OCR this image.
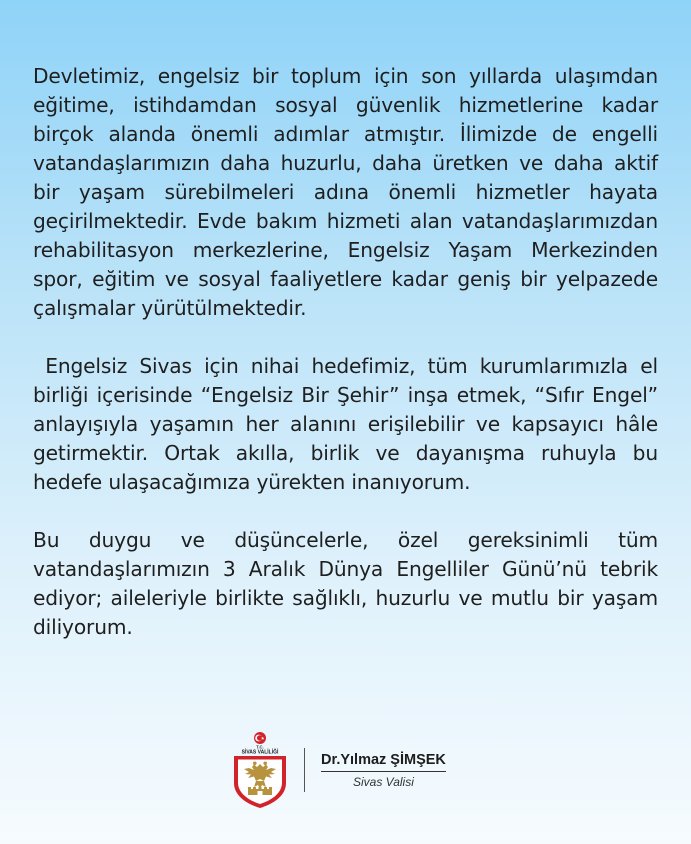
Devletimiz, engelsiz bir toplum için son yıllarda ulaşımdan eğitime, istihdamdan sosyal güvenlik hizmetlerine kadar birçok alanda önemli adımlar atmıştır. İlimizde de engelli vatandaşlarımızın daha huzurlu, daha üretken ve daha aktif bir yaşam sürebilmeleri adına önemli hizmetler hayata geçirilmektedir. Evde bakım hizmeti alan vatandaşlarımızdan rehabilitasyon merkezlerine, Engelsiz Yaşam Merkezinden spor, eğitim ve sosyal faaliyetlere kadar geniş bir yelpazede çalışmalar yürütülmektedir.

Engelsiz Sivas için nihai hedefimiz, tüm kurumlarımızla el birliği içerisinde “Engelsiz Bir Şehir” inşa etmek, “Sıfır Engel” anlayışıyla yaşamın her alanını erişilebilir ve kapsayıcı hâle getirmektir. Ortak akılla, birlik ve dayanışma ruhuyla bu hedefe ulaşacağımıza yürekten inanıyorum.

Bu duygu ve düşüncelerle, özel gereksinimli tüm vatandaşlarımızın 3 Aralık Dünya Engelliler Günü’nü tebrik ediyor; aileleriyle birlikte sağlıklı, huzurlu ve mutlu bir yaşam diliyorum.

T.C.
SİVAS VALİLİĞİ	Dr.Yılmaz ŞİMŞEK
Sivas Valisi
